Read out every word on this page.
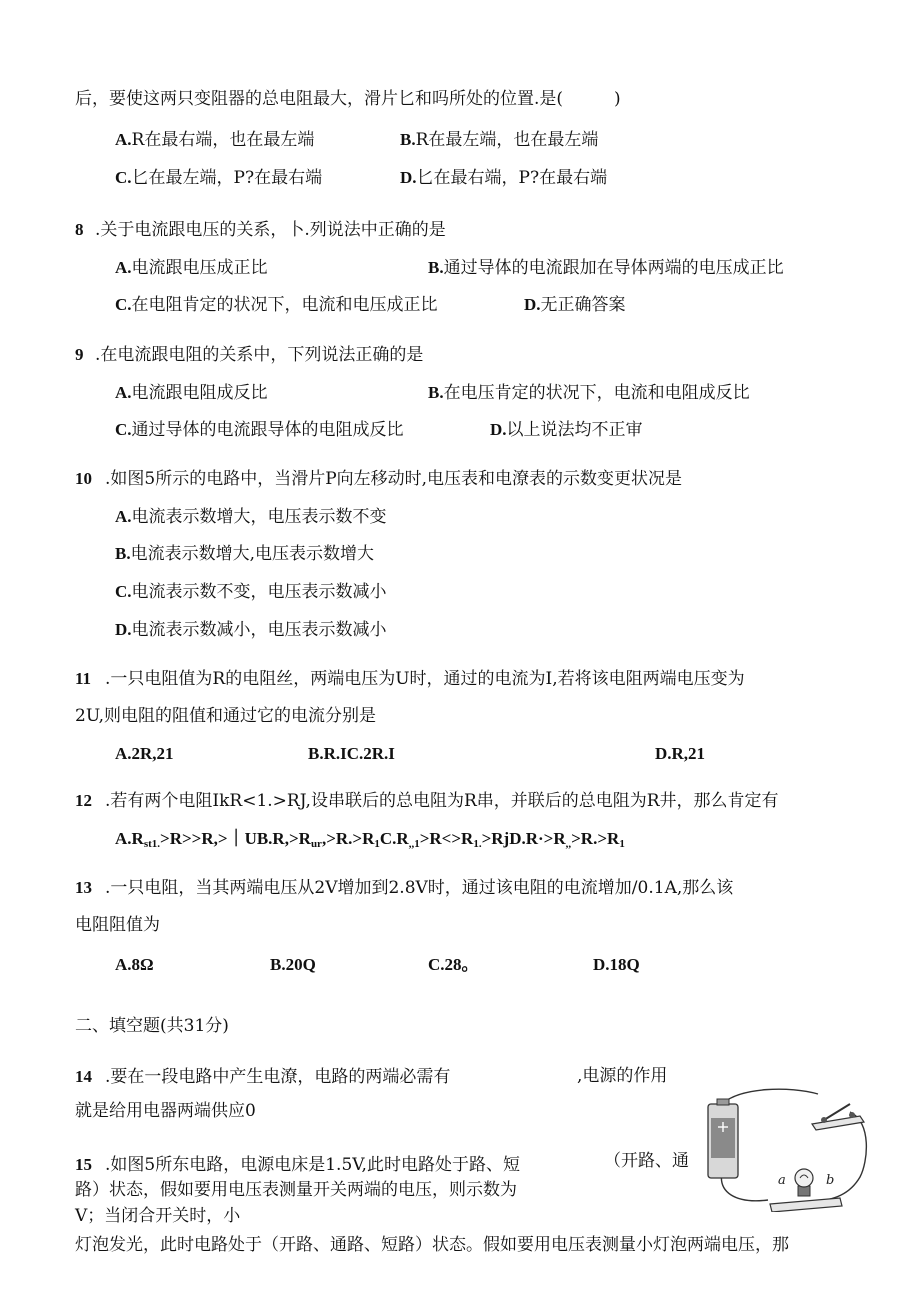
后，要使这两只变阻器的总电阻最大，滑片匕和吗所处的位置.是(　　　)
A.R在最右端，也在最左端	B.R在最左端，也在最左端
C.匕在最左端，P?在最右端	D.匕在最右端，P?在最右端
8 .关于电流跟电压的关系，卜.列说法中正确的是
A.电流跟电压成正比	B.通过导体的电流跟加在导体两端的电压成正比
C.在电阻肯定的状况下，电流和电压成正比	D.无正确答案
9 .在电流跟电阻的关系中，下列说法正确的是
A.电流跟电阻成反比	B.在电压肯定的状况下，电流和电阻成反比
C.通过导体的电流跟导体的电阻成反比	D.以上说法均不正审
10 .如图5所示的电路中，当滑片P向左移动时,电压表和电潦表的示数变更状况是
A.电流表示数增大，电压表示数不变
B.电流表示数增大,电压表示数增大
C.电流表示数不变，电压表示数减小
D.电流表示数减小，电压表示数减小
11 .一只电阻值为R的电阻丝，两端电压为U时，通过的电流为I,若将该电阻两端电压变为
2U,则电阻的阻值和通过它的电流分别是
A.2R,21	B.R.IC.2R.I	D.R,21
12 .若有两个电阻IkR<1.>RJ,设串联后的总电阻为R串，并联后的总电阻为R井，那么肯定有
$A.R_{st1.}>R>>R,>|UB.R,>R_{ur},>R.>R_1C.R_{,,1}>R<>R_{1.}>RjD.R\cdot>R_{,,}>R.>R_1$
13 .一只电阻，当其两端电压从2V增加到2.8V时，通过该电阻的电流增加/0.1A,那么该
电阻阻值为
A.8Ω	B.20Q	C.28。	D.18Q
二、填空题(共31分)
14 .要在一段电路中产生电潦，电路的两端必需有	,电源的作用
就是给用电器两端供应0
15 .如图5所东电路，电源电床是1.5V,此时电路处于路、短	（开路、通
路）状态，假如要用电压表测量开关两端的电压，则示数为
V；当闭合开关时，小
灯泡发光，此时电路处于（开路、通路、短路）状态。假如要用电压表测量小灯泡两端电压，那
a	b
